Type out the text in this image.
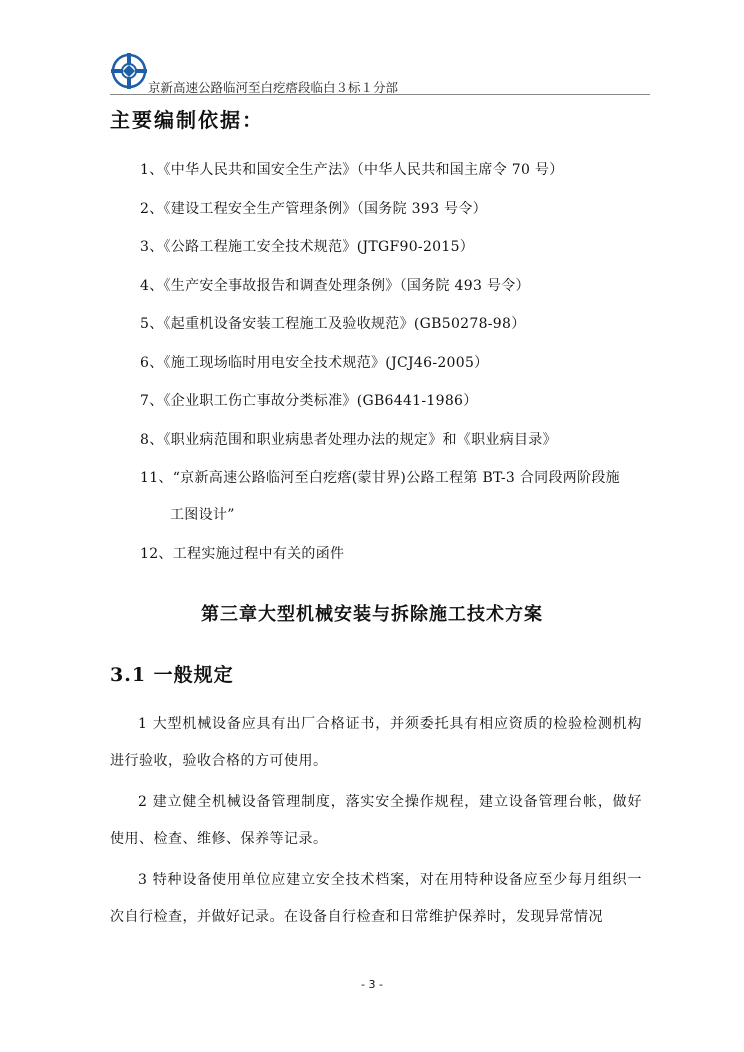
京新高速公路临河至白疙瘩段临白３标１分部
主要编制依据：
1、《中华人民共和国安全生产法》（中华人民共和国主席令 70 号）
2、《建设工程安全生产管理条例》（国务院 393 号令）
3、《公路工程施工安全技术规范》(JTGF90-2015）
4、《生产安全事故报告和调查处理条例》（国务院 493 号令）
5、《起重机设备安装工程施工及验收规范》(GB50278-98）
6、《施工现场临时用电安全技术规范》(JCJ46-2005）
7、《企业职工伤亡事故分类标准》(GB6441-1986）
8、《职业病范围和职业病患者处理办法的规定》和《职业病目录》
11、“京新高速公路临河至白疙瘩(蒙甘界)公路工程第 BT-3 合同段两阶段施
工图设计”
12、工程实施过程中有关的函件
第三章大型机械安装与拆除施工技术方案
3.1 一般规定

1 大型机械设备应具有出厂合格证书，并须委托具有相应资质的检验检测机构进行验收，验收合格的方可使用。

2 建立健全机械设备管理制度，落实安全操作规程，建立设备管理台帐，做好使用、检查、维修、保养等记录。

3 特种设备使用单位应建立安全技术档案，对在用特种设备应至少每月组织一次自行检查，并做好记录。在设备自行检查和日常维护保养时，发现异常情况

- 3 -
